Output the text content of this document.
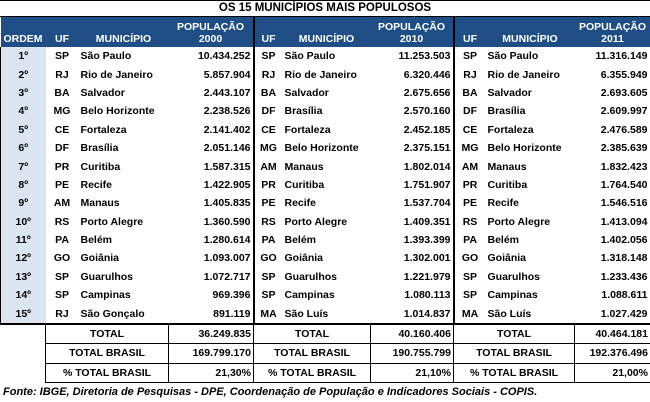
OS 15 MUNICÍPIOS MAIS POPULOSOS
ORDEM	UF	MUNICÍPIO	POPULAÇÃO 2000	UF	MUNICÍPIO	POPULAÇÃO 2010	UF	MUNICÍPIO	POPULAÇÃO 2011
1º	SP	São Paulo	10.434.252	SP	São Paulo	11.253.503	SP	São Paulo	11.316.149
2º	RJ	Rio de Janeiro	5.857.904	RJ	Rio de Janeiro	6.320.446	RJ	Rio de Janeiro	6.355.949
3º	BA	Salvador	2.443.107	BA	Salvador	2.675.656	BA	Salvador	2.693.605
4º	MG	Belo Horizonte	2.238.526	DF	Brasília	2.570.160	DF	Brasília	2.609.997
5º	CE	Fortaleza	2.141.402	CE	Fortaleza	2.452.185	CE	Fortaleza	2.476.589
6º	DF	Brasília	2.051.146	MG	Belo Horizonte	2.375.151	MG	Belo Horizonte	2.385.639
7º	PR	Curitiba	1.587.315	AM	Manaus	1.802.014	AM	Manaus	1.832.423
8º	PE	Recife	1.422.905	PR	Curitiba	1.751.907	PR	Curitiba	1.764.540
9º	AM	Manaus	1.405.835	PE	Recife	1.537.704	PE	Recife	1.546.516
10º	RS	Porto Alegre	1.360.590	RS	Porto Alegre	1.409.351	RS	Porto Alegre	1.413.094
11º	PA	Belém	1.280.614	PA	Belém	1.393.399	PA	Belém	1.402.056
12º	GO	Goiânia	1.093.007	GO	Goiânia	1.302.001	GO	Goiânia	1.318.148
13º	SP	Guarulhos	1.072.717	SP	Guarulhos	1.221.979	SP	Guarulhos	1.233.436
14º	SP	Campinas	969.396	SP	Campinas	1.080.113	SP	Campinas	1.088.611
15º	RJ	São Gonçalo	891.119	MA	São Luís	1.014.837	MA	São Luís	1.027.429
	TOTAL		36.249.835	TOTAL		40.160.406	TOTAL		40.464.181
	TOTAL BRASIL		169.799.170	TOTAL BRASIL		190.755.799	TOTAL BRASIL		192.376.496
	% TOTAL BRASIL		21,30%	% TOTAL BRASIL		21,10%	% TOTAL BRASIL		21,00%
Fonte: IBGE, Diretoria de Pesquisas - DPE, Coordenação de População e Indicadores Sociais - COPIS.
